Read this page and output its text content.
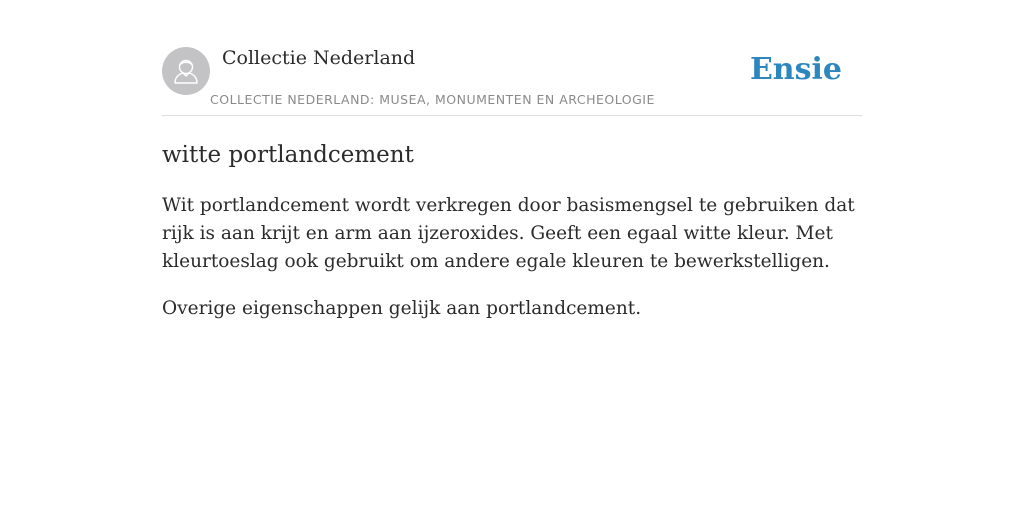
Collectie Nederland
COLLECTIE NEDERLAND: MUSEA, MONUMENTEN EN ARCHEOLOGIE
Ensie
witte portlandcement

Wit portlandcement wordt verkregen door basismengsel te gebruiken dat rijk is aan krijt en arm aan ijzeroxides. Geeft een egaal witte kleur. Met kleurtoeslag ook gebruikt om andere egale kleuren te bewerkstelligen.

Overige eigenschappen gelijk aan portlandcement.
